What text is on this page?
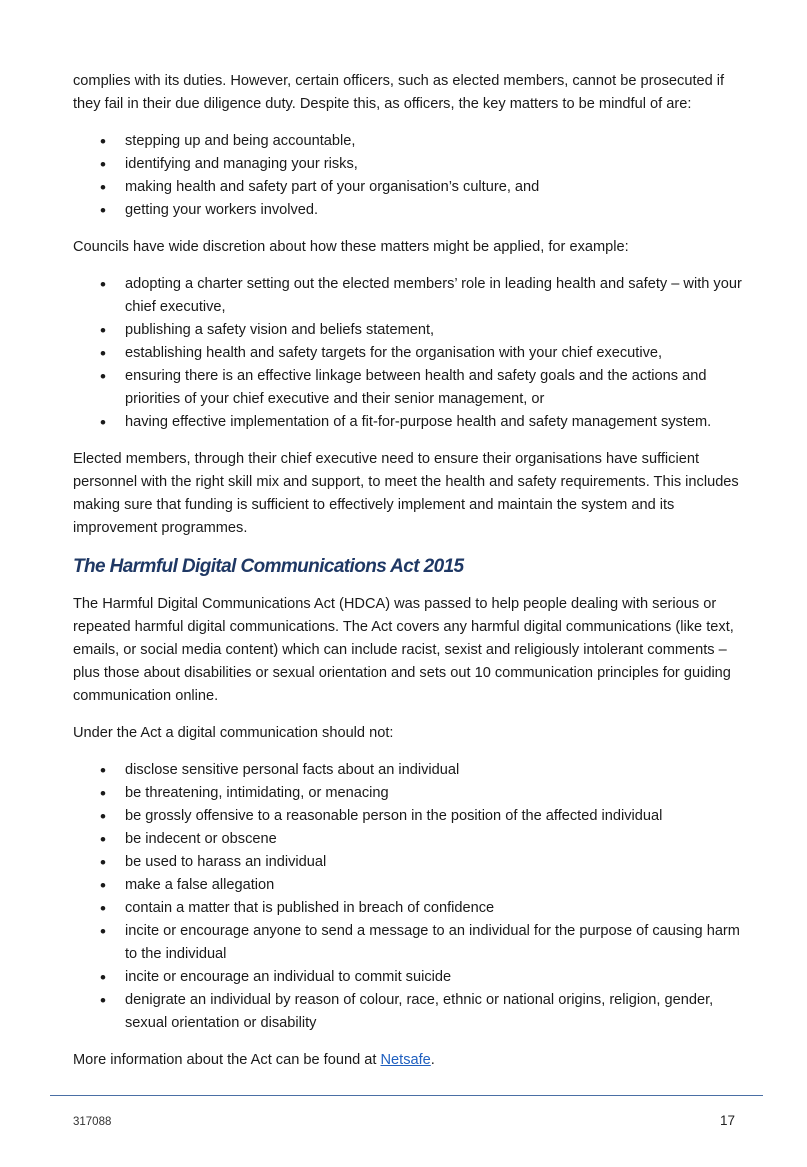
complies with its duties. However, certain officers, such as elected members, cannot be prosecuted if they fail in their due diligence duty. Despite this, as officers, the key matters to be mindful of are:

• stepping up and being accountable,
• identifying and managing your risks,
• making health and safety part of your organisation’s culture, and
• getting your workers involved.

Councils have wide discretion about how these matters might be applied, for example:

• adopting a charter setting out the elected members’ role in leading health and safety – with your chief executive,
• publishing a safety vision and beliefs statement,
• establishing health and safety targets for the organisation with your chief executive,
• ensuring there is an effective linkage between health and safety goals and the actions and priorities of your chief executive and their senior management, or
• having effective implementation of a fit-for-purpose health and safety management system.

Elected members, through their chief executive need to ensure their organisations have sufficient personnel with the right skill mix and support, to meet the health and safety requirements. This includes making sure that funding is sufficient to effectively implement and maintain the system and its improvement programmes.

The Harmful Digital Communications Act 2015

The Harmful Digital Communications Act (HDCA) was passed to help people dealing with serious or repeated harmful digital communications. The Act covers any harmful digital communications (like text, emails, or social media content) which can include racist, sexist and religiously intolerant comments – plus those about disabilities or sexual orientation and sets out 10 communication principles for guiding communication online.

Under the Act a digital communication should not:

• disclose sensitive personal facts about an individual
• be threatening, intimidating, or menacing
• be grossly offensive to a reasonable person in the position of the affected individual
• be indecent or obscene
• be used to harass an individual
• make a false allegation
• contain a matter that is published in breach of confidence
• incite or encourage anyone to send a message to an individual for the purpose of causing harm to the individual
• incite or encourage an individual to commit suicide
• denigrate an individual by reason of colour, race, ethnic or national origins, religion, gender, sexual orientation or disability

More information about the Act can be found at Netsafe.

317088	17
